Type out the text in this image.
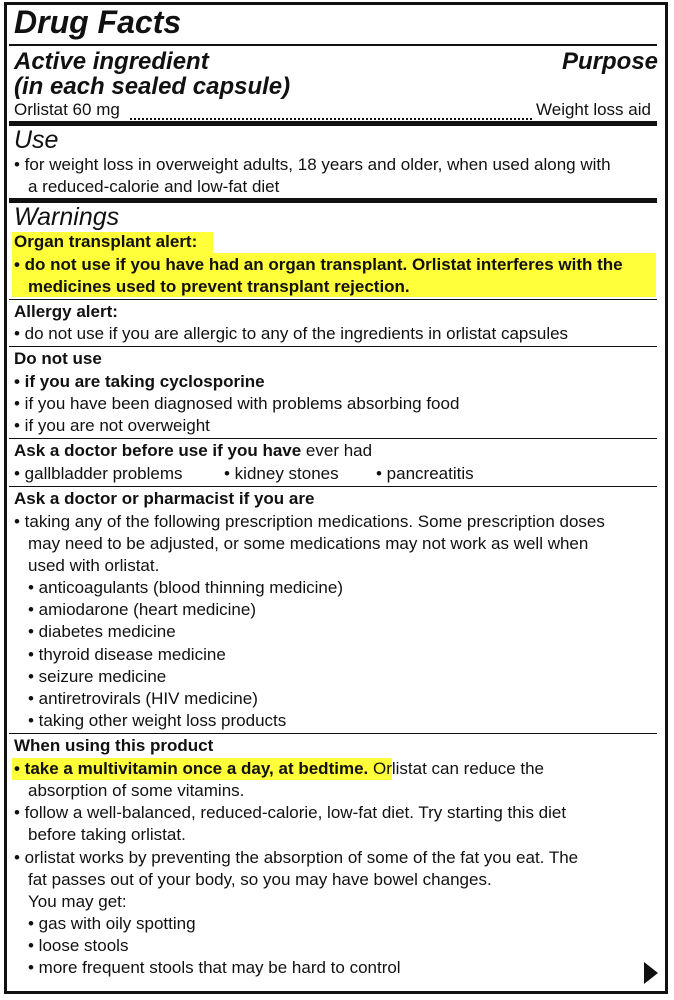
Drug Facts
Active ingredient
(in each sealed capsule)
Purpose
Orlistat 60 mg	Weight loss aid
Use
• for weight loss in overweight adults, 18 years and older, when used along with
a reduced-calorie and low-fat diet
Warnings
Organ transplant alert:
• do not use if you have had an organ transplant. Orlistat interferes with the
medicines used to prevent transplant rejection.
Allergy alert:
• do not use if you are allergic to any of the ingredients in orlistat capsules
Do not use
• if you are taking cyclosporine
• if you have been diagnosed with problems absorbing food
• if you are not overweight
Ask a doctor before use if you have ever had
• gallbladder problems • kidney stones • pancreatitis
Ask a doctor or pharmacist if you are
• taking any of the following prescription medications. Some prescription doses
may need to be adjusted, or some medications may not work as well when
used with orlistat.
• anticoagulants (blood thinning medicine)
• amiodarone (heart medicine)
• diabetes medicine
• thyroid disease medicine
• seizure medicine
• antiretrovirals (HIV medicine)
• taking other weight loss products
When using this product
• take a multivitamin once a day, at bedtime. Orlistat can reduce the
absorption of some vitamins.
• follow a well-balanced, reduced-calorie, low-fat diet. Try starting this diet
before taking orlistat.
• orlistat works by preventing the absorption of some of the fat you eat. The
fat passes out of your body, so you may have bowel changes.
You may get:
• gas with oily spotting
• loose stools
• more frequent stools that may be hard to control
